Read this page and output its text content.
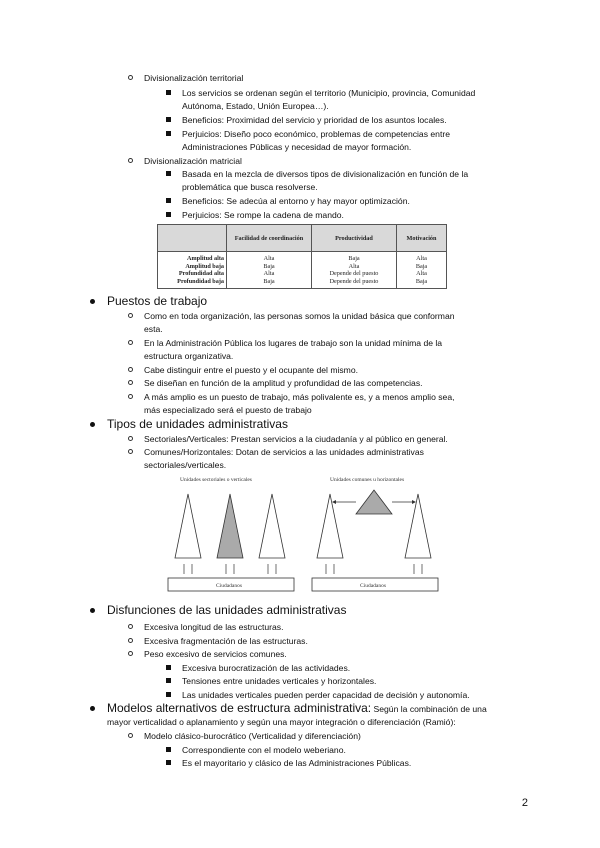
Divisionalización territorial
Los servicios se ordenan según el territorio (Municipio, provincia, Comunidad
Autónoma, Estado, Unión Europea…).
Beneficios: Proximidad del servicio y prioridad de los asuntos locales.
Perjuicios: Diseño poco económico, problemas de competencias entre
Administraciones Públicas y necesidad de mayor formación.
Divisionalización matricial
Basada en la mezcla de diversos tipos de divisionalización en función de la
problemática que busca resolverse.
Beneficios: Se adecúa al entorno y hay mayor optimización.
Perjuicios: Se rompe la cadena de mando.
	Facilidad de coordinación	Productividad	Motivación
Amplitud alta	Alta	Baja	Alta
Amplitud baja	Baja	Alta	Baja
Profundidad alta	Alta	Depende del puesto	Alta
Profundidad baja	Baja	Depende del puesto	Baja
Puestos de trabajo
Como en toda organización, las personas somos la unidad básica que conforman
esta.
En la Administración Pública los lugares de trabajo son la unidad mínima de la
estructura organizativa.
Cabe distinguir entre el puesto y el ocupante del mismo.
Se diseñan en función de la amplitud y profundidad de las competencias.
A más amplio es un puesto de trabajo, más polivalente es, y a menos amplio sea,
más especializado será el puesto de trabajo
Tipos de unidades administrativas
Sectoriales/Verticales: Prestan servicios a la ciudadanía y al público en general.
Comunes/Horizontales: Dotan de servicios a las unidades administrativas
sectoriales/verticales.
Unidades sectoriales o verticales	Unidades comunes u horizontales
Ciudadanos	Ciudadanos
Disfunciones de las unidades administrativas
Excesiva longitud de las estructuras.
Excesiva fragmentación de las estructuras.
Peso excesivo de servicios comunes.
Excesiva burocratización de las actividades.
Tensiones entre unidades verticales y horizontales.
Las unidades verticales pueden perder capacidad de decisión y autonomía.
Modelos alternativos de estructura administrativa: Según la combinación de una
mayor verticalidad o aplanamiento y según una mayor integración o diferenciación (Ramió):
Modelo clásico-burocrático (Verticalidad y diferenciación)
Correspondiente con el modelo weberiano.
Es el mayoritario y clásico de las Administraciones Públicas.
2
